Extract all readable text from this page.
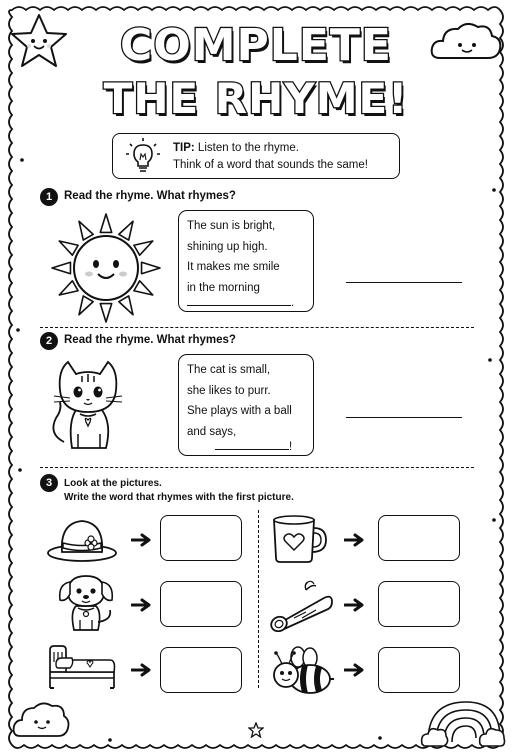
COMPLETE
THE RHYME!
TIP: Listen to the rhyme.
Think of a word that sounds the same!
1	Read the rhyme. What rhymes?
The sun is bright,
shining up high.
It makes me smile
in the morning
.
2	Read the rhyme. What rhymes?
The cat is small,
she likes to purr.
She plays with a ball
and says,
!
3	Look at the pictures.
Write the word that rhymes with the first picture.
